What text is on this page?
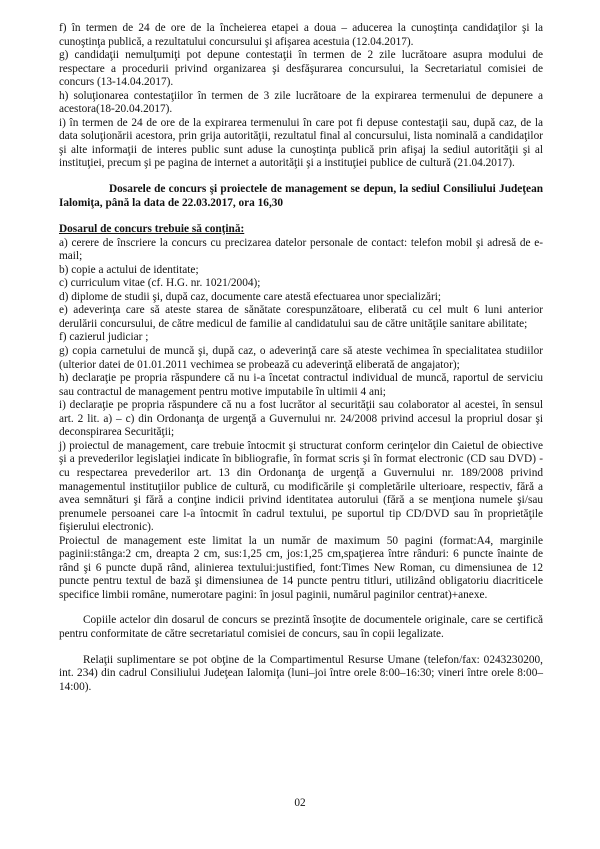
f) în termen de 24 de ore de la încheierea etapei a doua – aducerea la cunoştinţa candidaţilor şi la cunoştinţa publică, a rezultatului concursului şi afişarea acestuia (12.04.2017).

g) candidaţii nemulţumiţi pot depune contestaţii în termen de 2 zile lucrătoare asupra modului de respectare a procedurii privind organizarea şi desfăşurarea concursului, la Secretariatul comisiei de concurs (13-14.04.2017).

h) soluţionarea contestaţiilor în termen de 3 zile lucrătoare de la expirarea termenului de depunere a acestora(18-20.04.2017).

i) în termen de 24 de ore de la expirarea termenului în care pot fi depuse contestaţii sau, după caz, de la data soluţionării acestora, prin grija autorităţii, rezultatul final al concursului, lista nominală a candidaţilor şi alte informaţii de interes public sunt aduse la cunoştinţa publică prin afişaj la sediul autorităţii şi al instituţiei, precum şi pe pagina de internet a autorităţii şi a instituţiei publice de cultură (21.04.2017).

Dosarele de concurs şi proiectele de management se depun, la sediul Consiliului Judeţean Ialomiţa, până la data de 22.03.2017, ora 16,30

Dosarul de concurs trebuie să conţină:

a) cerere de înscriere la concurs cu precizarea datelor personale de contact: telefon mobil şi adresă de e-mail;

b) copie a actului de identitate;

c) curriculum vitae (cf. H.G. nr. 1021/2004);

d) diplome de studii şi, după caz, documente care atestă efectuarea unor specializări;

e) adeverinţa care să ateste starea de sănătate corespunzătoare, eliberată cu cel mult 6 luni anterior derulării concursului, de către medicul de familie al candidatului sau de către unităţile sanitare abilitate;

f) cazierul judiciar ;

g) copia carnetului de muncă şi, după caz, o adeverinţă care să ateste vechimea în specialitatea studiilor (ulterior datei de 01.01.2011 vechimea se probează cu adeverinţă eliberată de angajator);

h) declaraţie pe propria răspundere că nu i-a încetat contractul individual de muncă, raportul de serviciu sau contractul de management pentru motive imputabile în ultimii 4 ani;

i) declaraţie pe propria răspundere că nu a fost lucrător al securităţii sau colaborator al acestei, în sensul art. 2 lit. a) – c) din Ordonanţa de urgenţă a Guvernului nr. 24/2008 privind accesul la propriul dosar şi deconspirarea Securităţii;

j) proiectul de management, care trebuie întocmit şi structurat conform cerinţelor din Caietul de obiective şi a prevederilor legislaţiei indicate în bibliografie, în format scris şi în format electronic (CD sau DVD) - cu respectarea prevederilor art. 13 din Ordonanţa de urgenţă a Guvernului nr. 189/2008 privind managementul instituţiilor publice de cultură, cu modificările şi completările ulterioare, respectiv, fără a avea semnături şi fără a conţine indicii privind identitatea autorului (fără a se menţiona numele şi/sau prenumele persoanei care l-a întocmit în cadrul textului, pe suportul tip CD/DVD sau în proprietăţile fişierului electronic).

Proiectul de management este limitat la un număr de maximum 50 pagini (format:A4, marginile paginii:stânga:2 cm, dreapta 2 cm, sus:1,25 cm, jos:1,25 cm,spaţierea între rânduri: 6 puncte înainte de rând şi 6 puncte după rând, alinierea textului:justified, font:Times New Roman, cu dimensiunea de 12 puncte pentru textul de bază şi dimensiunea de 14 puncte pentru titluri, utilizând obligatoriu diacriticele specifice limbii române, numerotare pagini: în josul paginii, numărul paginilor centrat)+anexe.

Copiile actelor din dosarul de concurs se prezintă însoţite de documentele originale, care se certifică pentru conformitate de către secretariatul comisiei de concurs, sau în copii legalizate.

Relaţii suplimentare se pot obţine de la Compartimentul Resurse Umane (telefon/fax: 0243230200, int. 234) din cadrul Consiliului Judeţean Ialomiţa (luni–joi între orele 8:00–16:30; vineri între orele 8:00–14:00).

02
